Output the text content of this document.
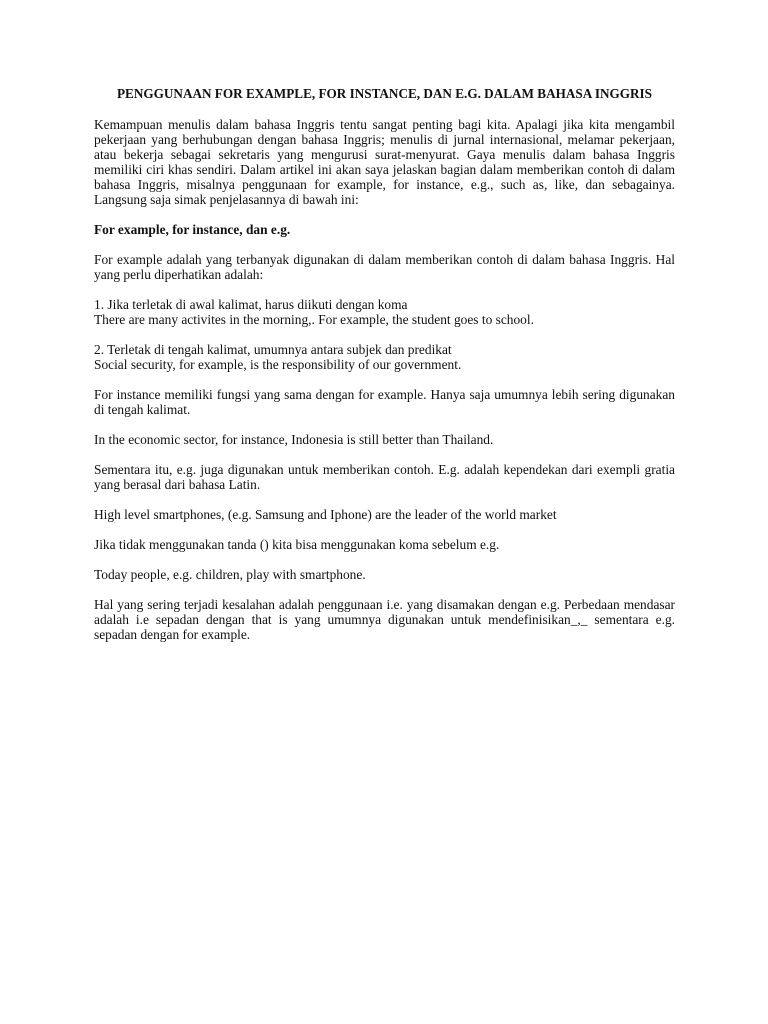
PENGGUNAAN FOR EXAMPLE, FOR INSTANCE, DAN E.G. DALAM BAHASA INGGRIS

Kemampuan menulis dalam bahasa Inggris tentu sangat penting bagi kita. Apalagi jika kita mengambil pekerjaan yang berhubungan dengan bahasa Inggris; menulis di jurnal internasional, melamar pekerjaan, atau bekerja sebagai sekretaris yang mengurusi surat-menyurat. Gaya menulis dalam bahasa Inggris memiliki ciri khas sendiri. Dalam artikel ini akan saya jelaskan bagian dalam memberikan contoh di dalam bahasa Inggris, misalnya penggunaan for example, for instance, e.g., such as, like, dan sebagainya. Langsung saja simak penjelasannya di bawah ini:

For example, for instance, dan e.g.

For example adalah yang terbanyak digunakan di dalam memberikan contoh di dalam bahasa Inggris. Hal yang perlu diperhatikan adalah:

1. Jika terletak di awal kalimat, harus diikuti dengan koma
There are many activites in the morning,. For example, the student goes to school.

2. Terletak di tengah kalimat, umumnya antara subjek dan predikat
Social security, for example, is the responsibility of our government.

For instance memiliki fungsi yang sama dengan for example. Hanya saja umumnya lebih sering digunakan di tengah kalimat.

In the economic sector, for instance, Indonesia is still better than Thailand.

Sementara itu, e.g. juga digunakan untuk memberikan contoh. E.g. adalah kependekan dari exempli gratia yang berasal dari bahasa Latin.

High level smartphones, (e.g. Samsung and Iphone) are the leader of the world market

Jika tidak menggunakan tanda () kita bisa menggunakan koma sebelum e.g.

Today people, e.g. children, play with smartphone.

Hal yang sering terjadi kesalahan adalah penggunaan i.e. yang disamakan dengan e.g. Perbedaan mendasar adalah i.e sepadan dengan that is yang umumnya digunakan untuk mendefinisikan_,_ sementara e.g. sepadan dengan for example.
